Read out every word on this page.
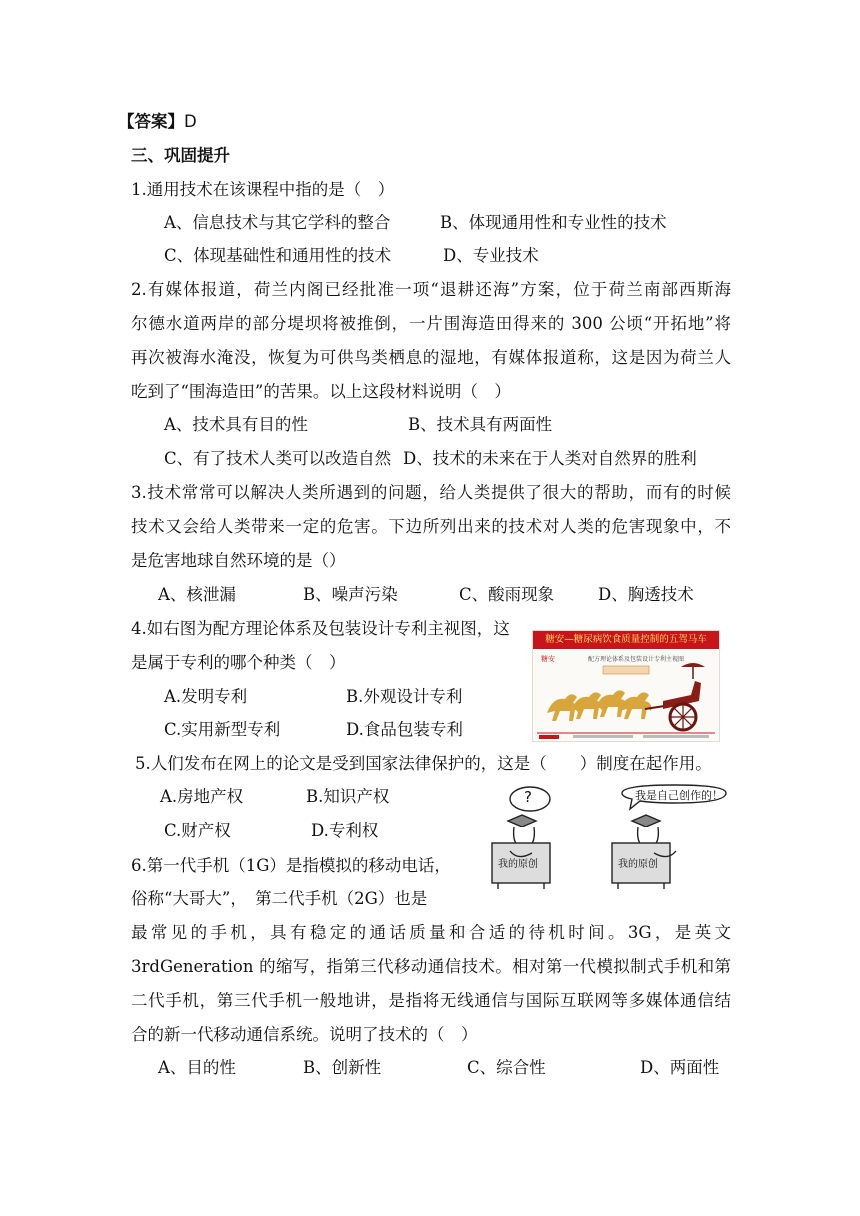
【答案】D
三、巩固提升
1.通用技术在该课程中指的是（　）
A、信息技术与其它学科的整合	B、体现通用性和专业性的技术
C、体现基础性和通用性的技术	D、专业技术
2.有媒体报道，荷兰内阁已经批准一项“退耕还海”方案，位于荷兰南部西斯海
尔德水道两岸的部分堤坝将被推倒，一片围海造田得来的 300 公顷“开拓地”将
再次被海水淹没，恢复为可供鸟类栖息的湿地，有媒体报道称，这是因为荷兰人
吃到了“围海造田”的苦果。以上这段材料说明（　）
A、技术具有目的性	B、技术具有两面性
C、有了技术人类可以改造自然 D、技术的未来在于人类对自然界的胜利
3.技术常常可以解决人类所遇到的问题，给人类提供了很大的帮助，而有的时候
技术又会给人类带来一定的危害。下边所列出来的技术对人类的危害现象中，不
是危害地球自然环境的是（）
A、核泄漏	B、噪声污染	C、酸雨现象	D、胸透技术
4.如右图为配方理论体系及包装设计专利主视图，这
是属于专利的哪个种类（　）
A.发明专利	B.外观设计专利
C.实用新型专利	D.食品包装专利
糖安—糖尿病饮食质量控制的五驾马车
糖安	配方理论体系及包装设计专利主视图
5.人们发布在网上的论文是受到国家法律保护的，这是（　　）制度在起作用。
A.房地产权	B.知识产权
C.财产权	D.专利权
?	我是自己创作的！
我的原创	我的原创
6.第一代手机（1G）是指模拟的移动电话，
俗称“大哥大”，　第二代手机（2G）也是
最常见的手机，具有稳定的通话质量和合适的待机时间。3G，是英文
3rdGeneration 的缩写，指第三代移动通信技术。相对第一代模拟制式手机和第
二代手机，第三代手机一般地讲，是指将无线通信与国际互联网等多媒体通信结
合的新一代移动通信系统。说明了技术的（　）
A、目的性	B、创新性	C、综合性	D、两面性
